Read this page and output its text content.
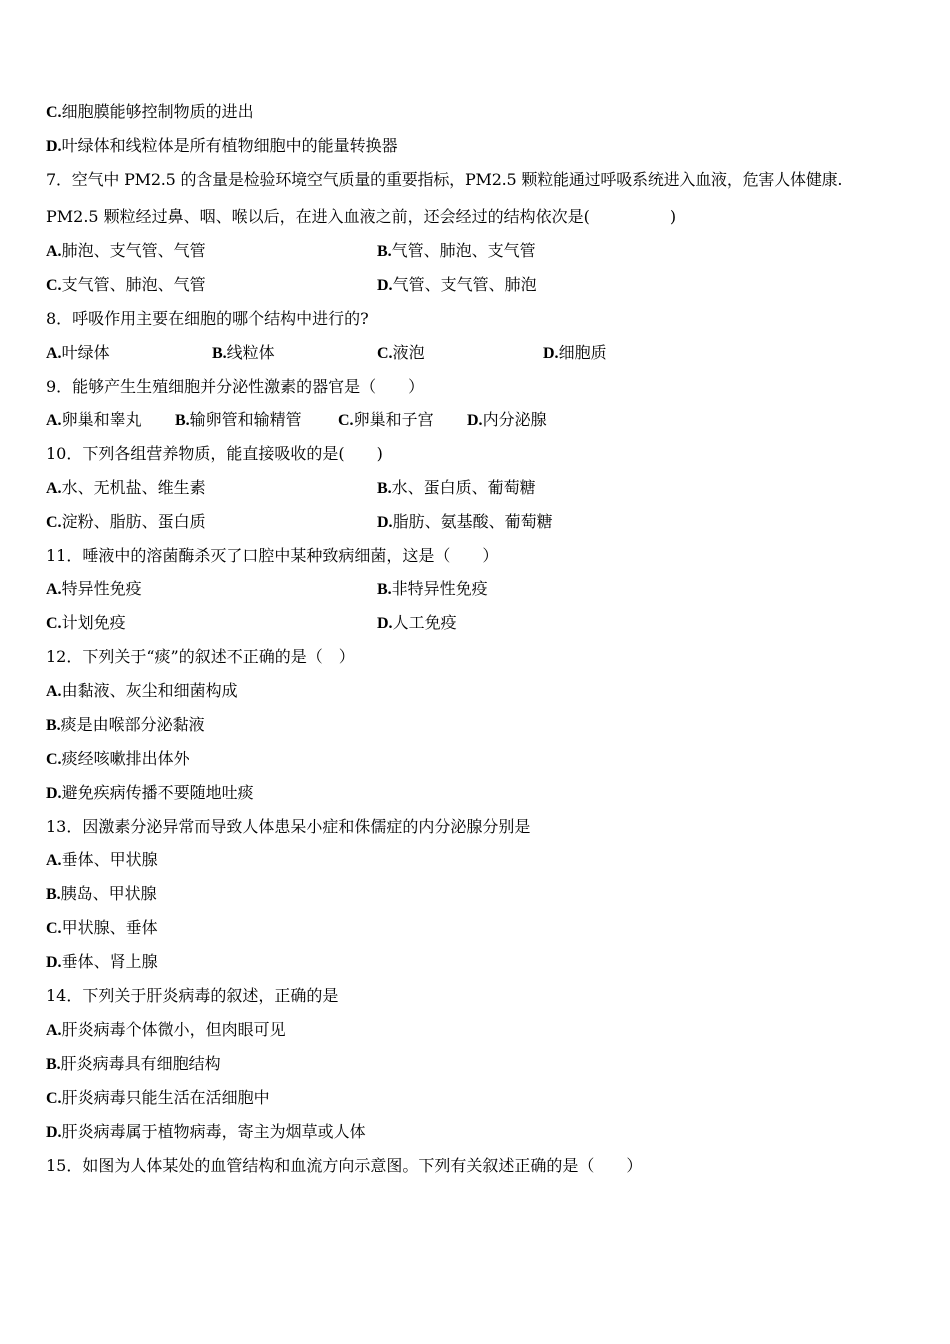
C.细胞膜能够控制物质的进出
D.叶绿体和线粒体是所有植物细胞中的能量转换器
7．空气中 PM2.5 的含量是检验环境空气质量的重要指标，PM2.5 颗粒能通过呼吸系统进入血液，危害人体健康.
PM2.5 颗粒经过鼻、咽、喉以后，在进入血液之前，还会经过的结构依次是(　　　　　)
A.肺泡、支气管、气管	B.气管、肺泡、支气管
C.支气管、肺泡、气管	D.气管、支气管、肺泡
8．呼吸作用主要在细胞的哪个结构中进行的?
A.叶绿体	B.线粒体	C.液泡	D.细胞质
9．能够产生生殖细胞并分泌性激素的器官是（　　）
A.卵巢和睾丸 B.输卵管和输精管 C.卵巢和子宫 D.内分泌腺
10．下列各组营养物质，能直接吸收的是(　　)
A.水、无机盐、维生素	B.水、蛋白质、葡萄糖
C.淀粉、脂肪、蛋白质	D.脂肪、氨基酸、葡萄糖
11．唾液中的溶菌酶杀灭了口腔中某种致病细菌，这是（　　）
A.特异性免疫	B.非特异性免疫
C.计划免疫	D.人工免疫
12．下列关于“痰”的叙述不正确的是（　）
A.由黏液、灰尘和细菌构成
B.痰是由喉部分泌黏液
C.痰经咳嗽排出体外
D.避免疾病传播不要随地吐痰
13．因激素分泌异常而导致人体患呆小症和侏儒症的内分泌腺分别是
A.垂体、甲状腺
B.胰岛、甲状腺
C.甲状腺、垂体
D.垂体、肾上腺
14．下列关于肝炎病毒的叙述，正确的是
A.肝炎病毒个体微小，但肉眼可见
B.肝炎病毒具有细胞结构
C.肝炎病毒只能生活在活细胞中
D.肝炎病毒属于植物病毒，寄主为烟草或人体
15．如图为人体某处的血管结构和血流方向示意图。下列有关叙述正确的是（　　）
